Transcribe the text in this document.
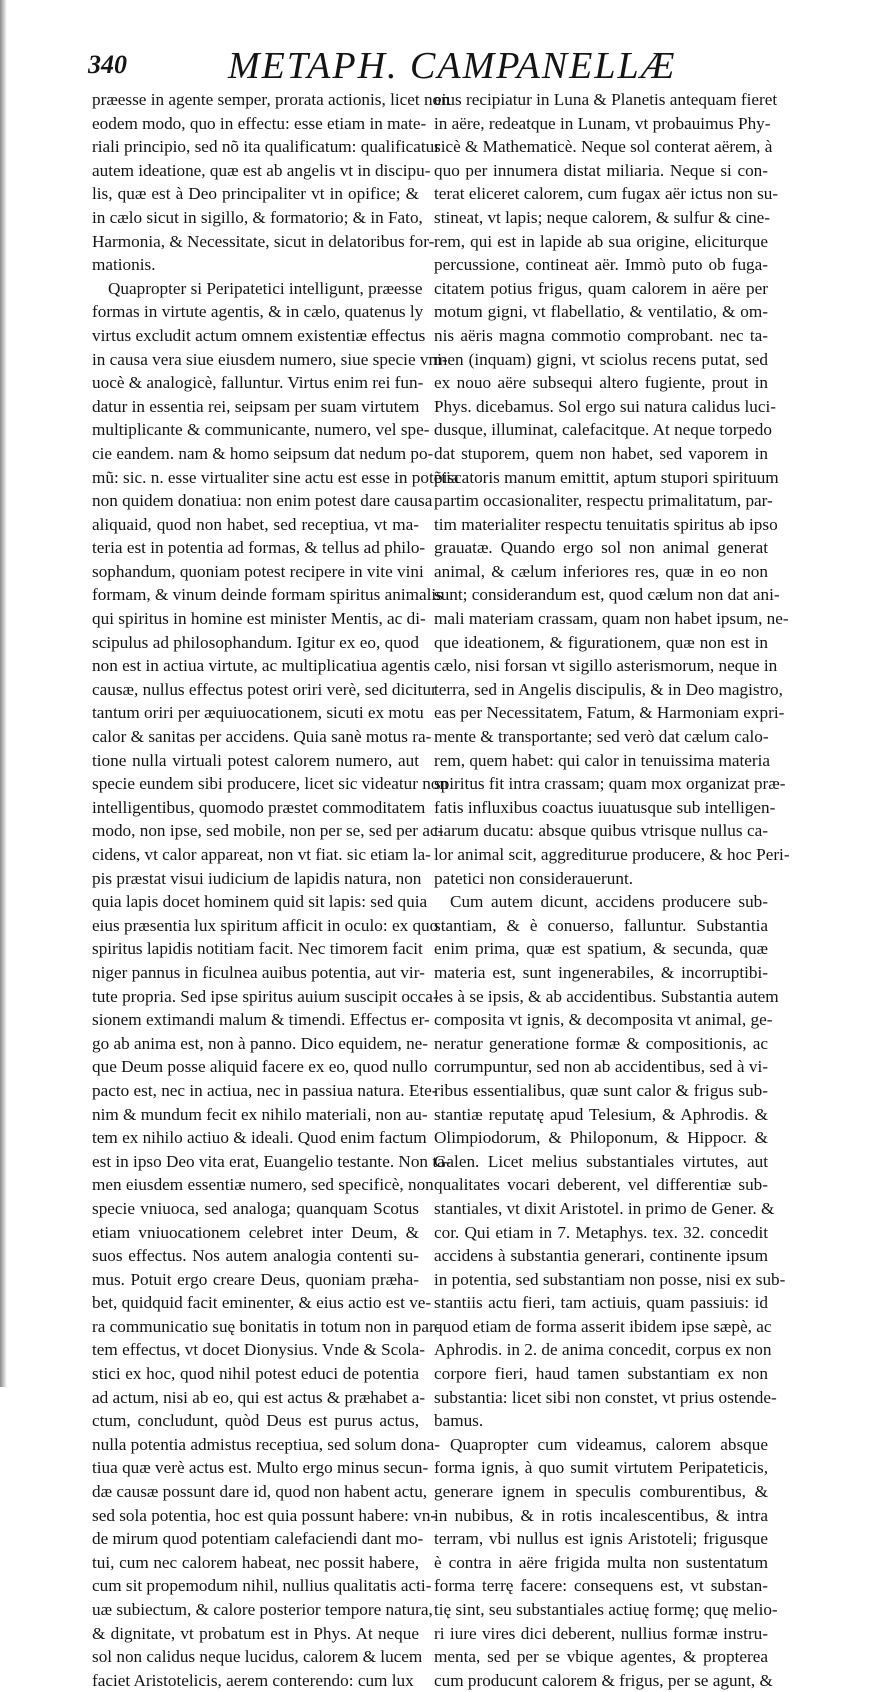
340	METAPH. CAMPANELLÆ
præesse in agente semper, prorata actionis, licet non
eodem modo, quo in effectu: esse etiam in mate-
riali principio, sed nõ ita qualificatum: qualificatur
autem ideatione, quæ est ab angelis vt in discipu-
lis, quæ est à Deo principaliter vt in opifice; &
in cælo sicut in sigillo, & formatorio; & in Fato,
Harmonia, & Necessitate, sicut in delatoribus for-
mationis.
Quapropter si Peripatetici intelligunt, præesse
formas in virtute agentis, & in cælo, quatenus ly
virtus excludit actum omnem existentiæ effectus
in causa vera siue eiusdem numero, siue specie vni-
uocè & analogicè, falluntur. Virtus enim rei fun-
datur in essentia rei, seipsam per suam virtutem
multiplicante & communicante, numero, vel spe-
cie eandem. nam & homo seipsum dat nedum po-
mũ: sic. n. esse virtualiter sine actu est esse in potẽtia
non quidem donatiua: non enim potest dare causa
aliquaid, quod non habet, sed receptiua, vt ma-
teria est in potentia ad formas, & tellus ad philo-
sophandum, quoniam potest recipere in vite vini
formam, & vinum deinde formam spiritus animalis
qui spiritus in homine est minister Mentis, ac di-
scipulus ad philosophandum. Igitur ex eo, quod
non est in actiua virtute, ac multiplicatiua agentis
causæ, nullus effectus potest oriri verè, sed dicitur
tantum oriri per æquiuocationem, sicuti ex motu
calor & sanitas per accidens. Quia sanè motus ra-
tione nulla virtuali potest calorem numero, aut
specie eundem sibi producere, licet sic videatur non
intelligentibus, quomodo præstet commoditatem
modo, non ipse, sed mobile, non per se, sed per ac-
cidens, vt calor appareat, non vt fiat. sic etiam la-
pis præstat visui iudicium de lapidis natura, non
quia lapis docet hominem quid sit lapis: sed quia
eius præsentia lux spiritum afficit in oculo: ex quo
spiritus lapidis notitiam facit. Nec timorem facit
niger pannus in ficulnea auibus potentia, aut vir-
tute propria. Sed ipse spiritus auium suscipit occa-
sionem extimandi malum & timendi. Effectus er-
go ab anima est, non à panno. Dico equidem, ne-
que Deum posse aliquid facere ex eo, quod nullo
pacto est, nec in actiua, nec in passiua natura. Ete-
nim & mundum fecit ex nihilo materiali, non au-
tem ex nihilo actiuo & ideali. Quod enim factum
est in ipso Deo vita erat, Euangelio testante. Non ta-
men eiusdem essentiæ numero, sed specificè, non
specie vniuoca, sed analoga; quanquam Scotus
etiam vniuocationem celebret inter Deum, &
suos effectus. Nos autem analogia contenti su-
mus. Potuit ergo creare Deus, quoniam præha-
bet, quidquid facit eminenter, & eius actio est ve-
ra communicatio suę bonitatis in totum non in par-
tem effectus, vt docet Dionysius. Vnde & Scola-
stici ex hoc, quod nihil potest educi de potentia
ad actum, nisi ab eo, qui est actus & præhabet a-
ctum, concludunt, quòd Deus est purus actus,
nulla potentia admistus receptiua, sed solum dona-
tiua quæ verè actus est. Multo ergo minus secun-
dæ causæ possunt dare id, quod non habent actu,
sed sola potentia, hoc est quia possunt habere: vn-
de mirum quod potentiam calefaciendi dant mo-
tui, cum nec calorem habeat, nec possit habere,
cum sit propemodum nihil, nullius qualitatis acti-
uæ subiectum, & calore posterior tempore natura,
& dignitate, vt probatum est in Phys. At neque
sol non calidus neque lucidus, calorem & lucem
faciet Aristotelicis, aerem conterendo: cum lux
eius recipiatur in Luna & Planetis antequam fieret
in aëre, redeatque in Lunam, vt probauimus Phy-
sicè & Mathematicè. Neque sol conterat aërem, à
quo per innumera distat miliaria. Neque si con-
terat eliceret calorem, cum fugax aër ictus non su-
stineat, vt lapis; neque calorem, & sulfur & cine-
rem, qui est in lapide ab sua origine, eliciturque
percussione, contineat aër. Immò puto ob fuga-
citatem potius frigus, quam calorem in aëre per
motum gigni, vt flabellatio, & ventilatio, & om-
nis aëris magna commotio comprobant. nec ta-
men (inquam) gigni, vt sciolus recens putat, sed
ex nouo aëre subsequi altero fugiente, prout in
Phys. dicebamus. Sol ergo sui natura calidus luci-
dusque, illuminat, calefacitque. At neque torpedo
dat stuporem, quem non habet, sed vaporem in
piscatoris manum emittit, aptum stupori spirituum
partim occasionaliter, respectu primalitatum, par-
tim materialiter respectu tenuitatis spiritus ab ipso
grauatæ. Quando ergo sol non animal generat
animal, & cælum inferiores res, quæ in eo non
sunt; considerandum est, quod cælum non dat ani-
mali materiam crassam, quam non habet ipsum, ne-
que ideationem, & figurationem, quæ non est in
cælo, nisi forsan vt sigillo asterismorum, neque in
terra, sed in Angelis discipulis, & in Deo magistro,
eas per Necessitatem, Fatum, & Harmoniam expri-
mente & transportante; sed verò dat cælum calo-
rem, quem habet: qui calor in tenuissima materia
spiritus fit intra crassam; quam mox organizat præ-
fatis influxibus coactus iuuatusque sub intelligen-
tiarum ducatu: absque quibus vtrisque nullus ca-
lor animal scit, aggrediturue producere, & hoc Peri-
patetici non considerauerunt.
Cum autem dicunt, accidens producere sub-
stantiam, & è conuerso, falluntur. Substantia
enim prima, quæ est spatium, & secunda, quæ
materia est, sunt ingenerabiles, & incorruptibi-
les à se ipsis, & ab accidentibus. Substantia autem
composita vt ignis, & decomposita vt animal, ge-
neratur generatione formæ & compositionis, ac
corrumpuntur, sed non ab accidentibus, sed à vi-
ribus essentialibus, quæ sunt calor & frigus sub-
stantiæ reputatę apud Telesium, & Aphrodis. &
Olimpiodorum, & Philoponum, & Hippocr. &
Galen. Licet melius substantiales virtutes, aut
qualitates vocari deberent, vel differentiæ sub-
stantiales, vt dixit Aristotel. in primo de Gener. &
cor. Qui etiam in 7. Metaphys. tex. 32. concedit
accidens à substantia generari, continente ipsum
in potentia, sed substantiam non posse, nisi ex sub-
stantiis actu fieri, tam actiuis, quam passiuis: id
quod etiam de forma asserit ibidem ipse sæpè, ac
Aphrodis. in 2. de anima concedit, corpus ex non
corpore fieri, haud tamen substantiam ex non
substantia: licet sibi non constet, vt prius ostende-
bamus.
Quapropter cum videamus, calorem absque
forma ignis, à quo sumit virtutem Peripateticis,
generare ignem in speculis comburentibus, &
in nubibus, & in rotis incalescentibus, & intra
terram, vbi nullus est ignis Aristoteli; frigusque
è contra in aëre frigida multa non sustentatum
forma terrę facere: consequens est, vt substan-
tię sint, seu substantiales actiuę formę; quę melio-
ri iure vires dici deberent, nullius formæ instru-
menta, sed per se vbique agentes, & propterea
cum producunt calorem & frigus, per se agunt, &
